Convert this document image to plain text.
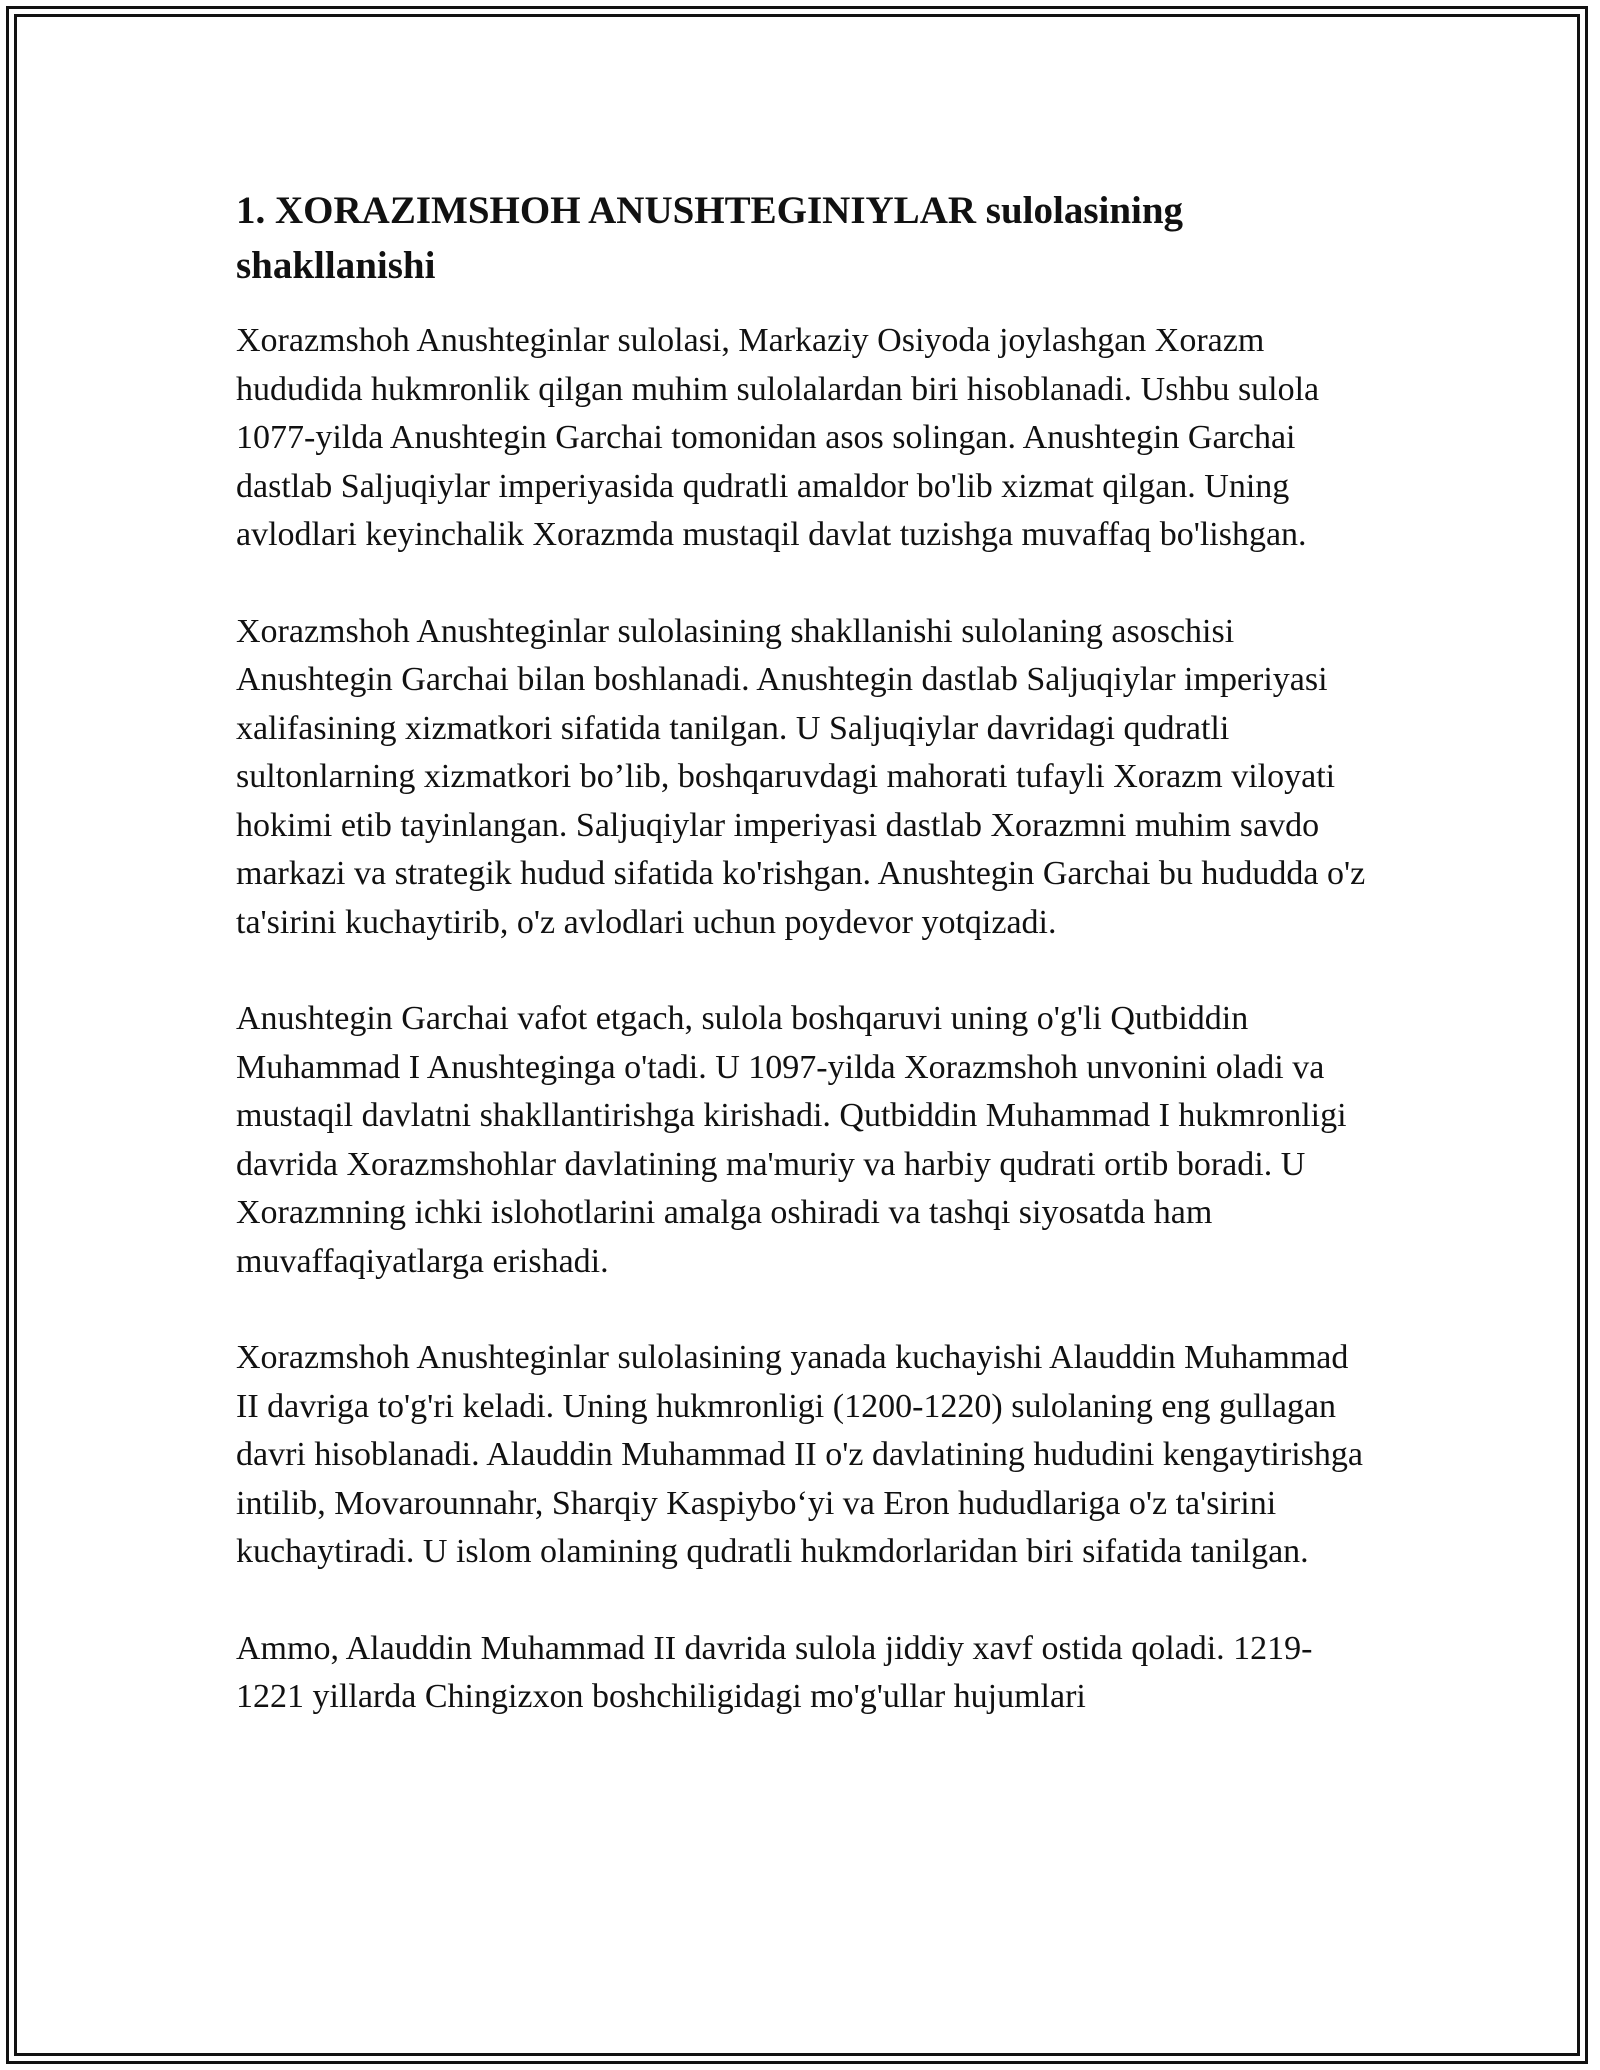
1. XORAZIMSHOH ANUSHTEGINIYLAR sulolasining shakllanishi

Xorazmshoh Anushteginlar sulolasi, Markaziy Osiyoda joylashgan Xorazm hududida hukmronlik qilgan muhim sulolalardan biri hisoblanadi. Ushbu sulola 1077-yilda Anushtegin Garchai tomonidan asos solingan. Anushtegin Garchai dastlab Saljuqiylar imperiyasida qudratli amaldor bo'lib xizmat qilgan. Uning avlodlari keyinchalik Xorazmda mustaqil davlat tuzishga muvaffaq bo'lishgan.

Xorazmshoh Anushteginlar sulolasining shakllanishi sulolaning asoschisi Anushtegin Garchai bilan boshlanadi. Anushtegin dastlab Saljuqiylar imperiyasi xalifasining xizmatkori sifatida tanilgan. U Saljuqiylar davridagi qudratli sultonlarning xizmatkori bo’lib, boshqaruvdagi mahorati tufayli Xorazm viloyati hokimi etib tayinlangan. Saljuqiylar imperiyasi dastlab Xorazmni muhim savdo markazi va strategik hudud sifatida ko'rishgan. Anushtegin Garchai bu hududda o'z ta'sirini kuchaytirib, o'z avlodlari uchun poydevor yotqizadi.

Anushtegin Garchai vafot etgach, sulola boshqaruvi uning o'g'li Qutbiddin Muhammad I Anushteginga o'tadi. U 1097-yilda Xorazmshoh unvonini oladi va mustaqil davlatni shakllantirishga kirishadi. Qutbiddin Muhammad I hukmronligi davrida Xorazmshohlar davlatining ma'muriy va harbiy qudrati ortib boradi. U Xorazmning ichki islohotlarini amalga oshiradi va tashqi siyosatda ham muvaffaqiyatlarga erishadi.

Xorazmshoh Anushteginlar sulolasining yanada kuchayishi Alauddin Muhammad II davriga to'g'ri keladi. Uning hukmronligi (1200-1220) sulolaning eng gullagan davri hisoblanadi. Alauddin Muhammad II o'z davlatining hududini kengaytirishga intilib, Movarounnahr, Sharqiy Kaspiybo‘yi va Eron hududlariga o'z ta'sirini kuchaytiradi. U islom olamining qudratli hukmdorlaridan biri sifatida tanilgan.

Ammo, Alauddin Muhammad II davrida sulola jiddiy xavf ostida qoladi. 1219-1221 yillarda Chingizxon boshchiligidagi mo'g'ullar hujumlari
